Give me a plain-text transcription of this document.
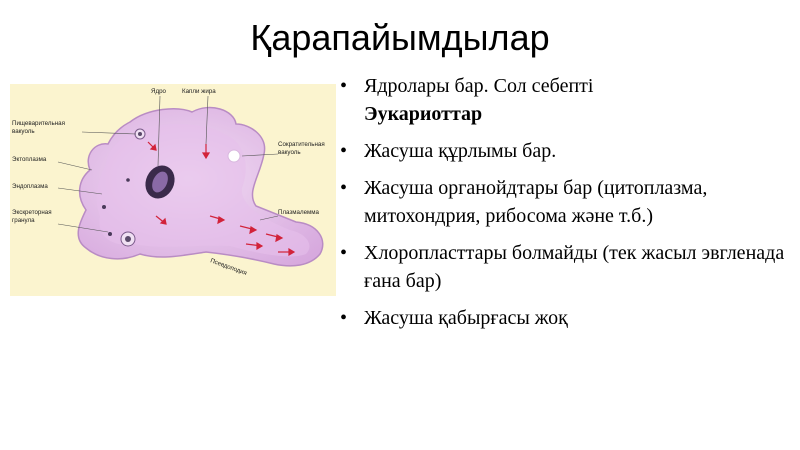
Қарапайымдылар
Ядро	Капли жира
Пищеварительная
вакуоль
Эктоплазма
Эндоплазма
Экскреторная
гранула
Сократительная
вакуоль
Плазмалемма
Псевдоподия
• Ядролары бар. Сол себепті
Эукариоттар
• Жасуша құрлымы бар.
• Жасуша органойдтары бар (цитоплазма, митохондрия, рибосома және т.б.)
• Хлоропласттары болмайды (тек жасыл эвгленада ғана бар)
• Жасуша қабырғасы жоқ
